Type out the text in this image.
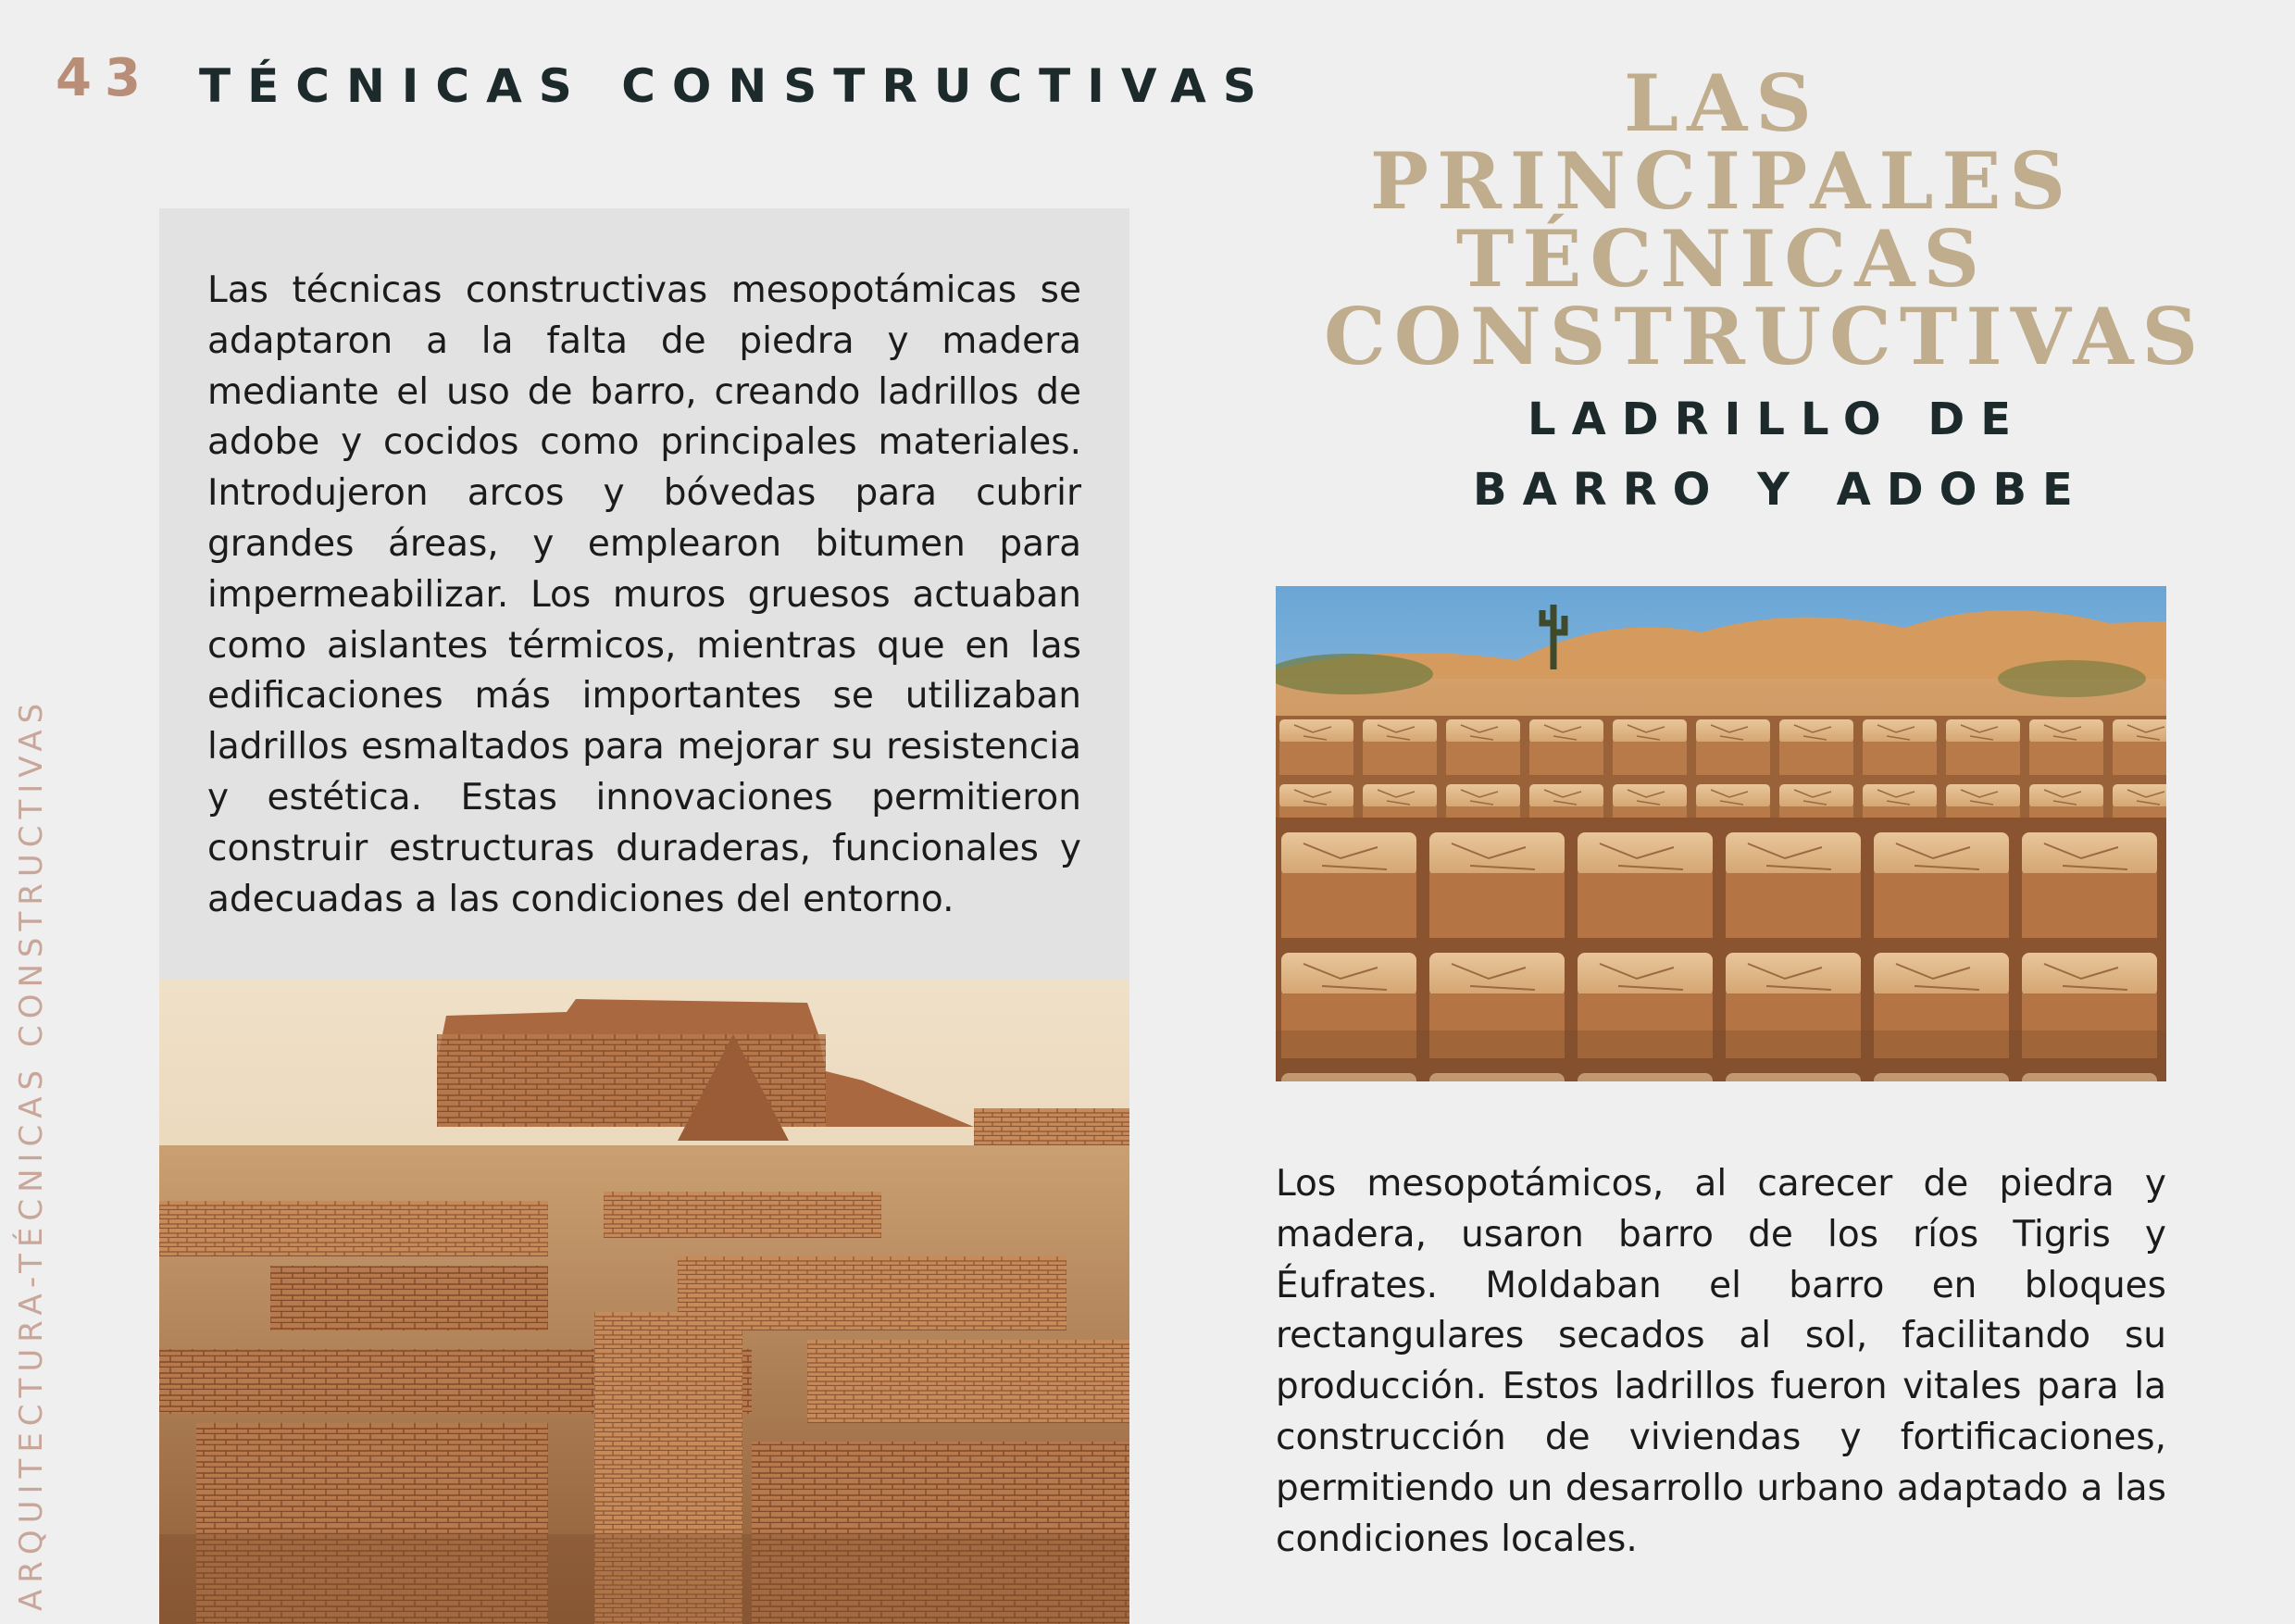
43 TÉCNICAS CONSTRUCTIVAS
ARQUITECTURA-TÉCNICAS CONSTRUCTIVAS

Las técnicas constructivas mesopotámicas se adaptaron a la falta de piedra y madera mediante el uso de barro, creando ladrillos de adobe y cocidos como principales materiales. Introdujeron arcos y bóvedas para cubrir grandes áreas, y emplearon bitumen para impermeabilizar. Los muros gruesos actuaban como aislantes térmicos, mientras que en las edificaciones más importantes se utilizaban ladrillos esmaltados para mejorar su resistencia y estética. Estas innovaciones permitieron construir estructuras duraderas, funcionales y adecuadas a las condiciones del entorno.

LAS PRINCIPALES
TÉCNICAS
CONSTRUCTIVAS
LADRILLO DE
BARRO Y ADOBE

Los mesopotámicos, al carecer de piedra y madera, usaron barro de los ríos Tigris y Éufrates. Moldaban el barro en bloques rectangulares secados al sol, facilitando su producción. Estos ladrillos fueron vitales para la construcción de viviendas y fortificaciones, permitiendo un desarrollo urbano adaptado a las condiciones locales.
